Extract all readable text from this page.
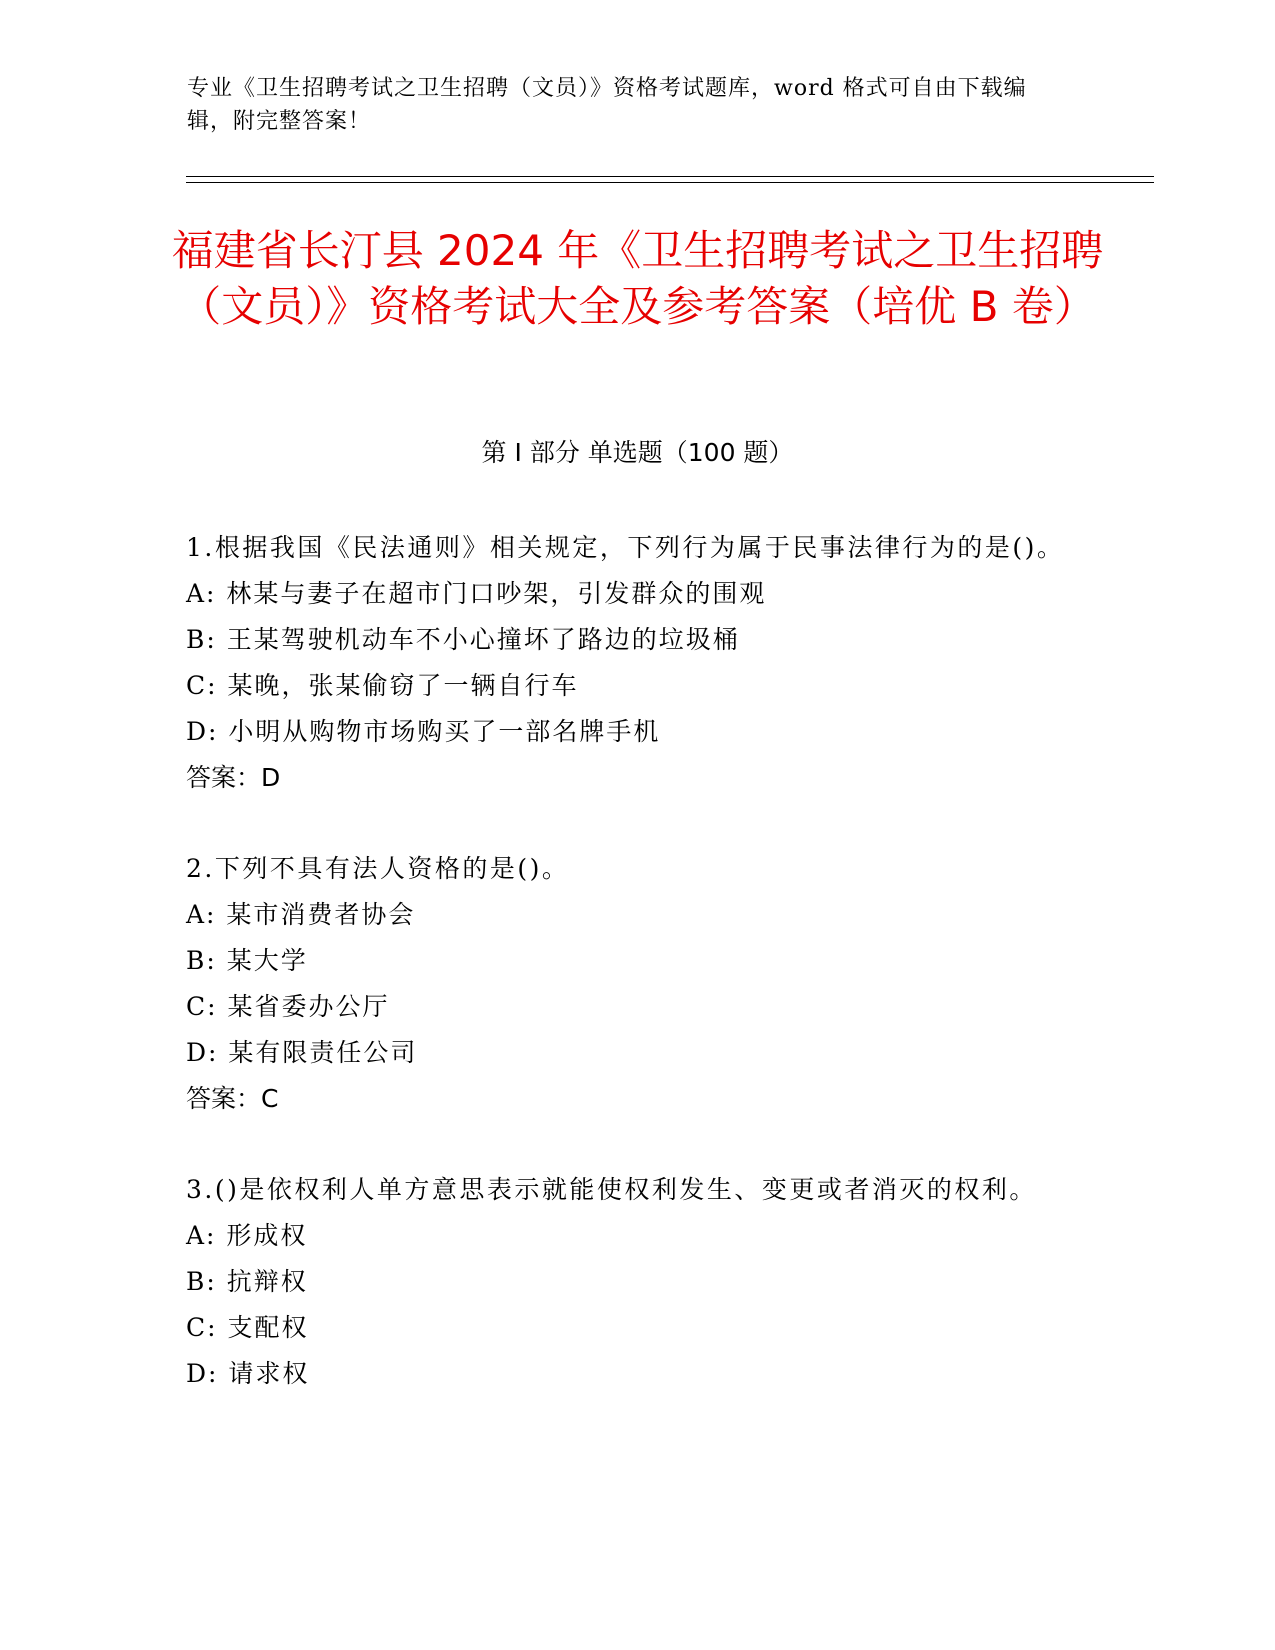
专业《卫生招聘考试之卫生招聘（文员）》资格考试题库，word 格式可自由下载编辑，附完整答案！

福建省长汀县 2024 年《卫生招聘考试之卫生招聘（文员）》资格考试大全及参考答案（培优 B 卷）

第 I 部分 单选题（100 题）

1.根据我国《民法通则》相关规定，下列行为属于民事法律行为的是()。

A: 林某与妻子在超市门口吵架，引发群众的围观

B: 王某驾驶机动车不小心撞坏了路边的垃圾桶

C: 某晚，张某偷窃了一辆自行车

D: 小明从购物市场购买了一部名牌手机

答案：D

2.下列不具有法人资格的是()。

A: 某市消费者协会

B: 某大学

C: 某省委办公厅

D: 某有限责任公司

答案：C

3.()是依权利人单方意思表示就能使权利发生、变更或者消灭的权利。

A: 形成权

B: 抗辩权

C: 支配权

D: 请求权
